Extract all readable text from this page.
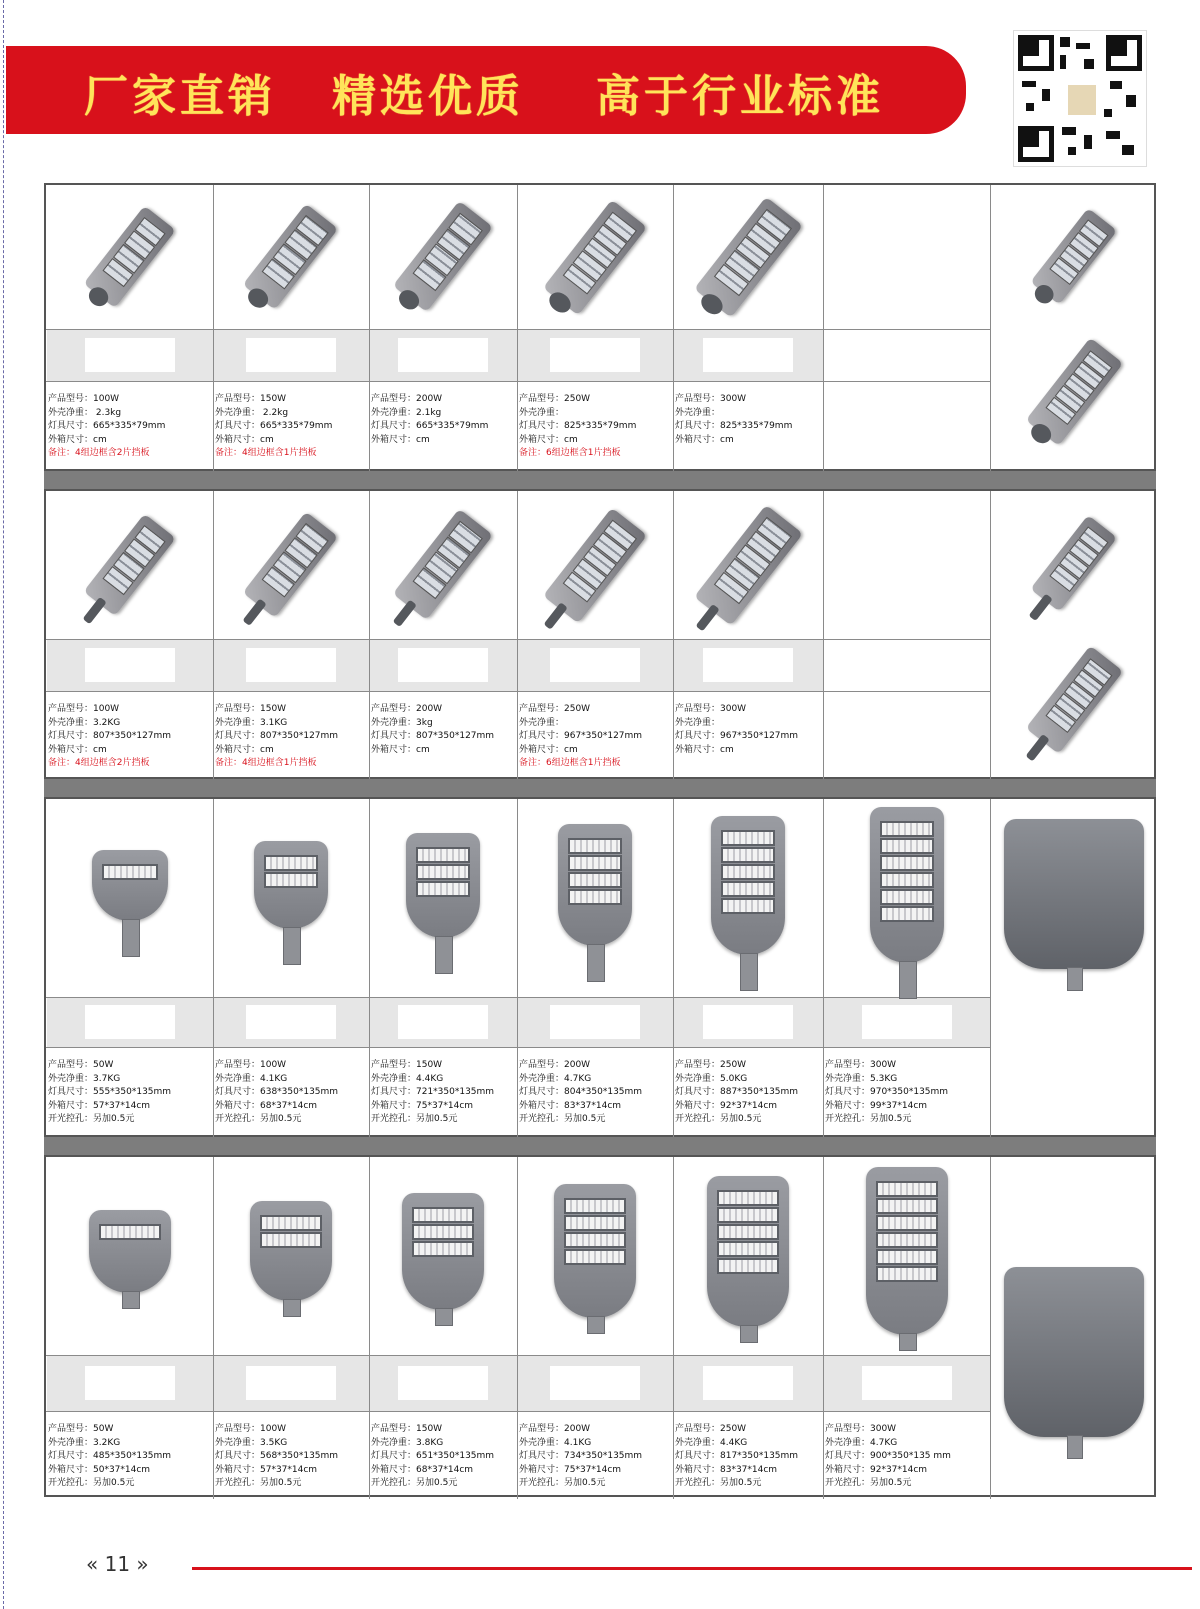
厂家直销 精选优质 高于行业标准
产品型号：100W
外壳净重： 2.3kg
灯具尺寸：665*335*79mm
外箱尺寸：cm
备注：4组边框含2片挡板
产品型号：150W
外壳净重： 2.2kg
灯具尺寸：665*335*79mm
外箱尺寸：cm
备注：4组边框含1片挡板
产品型号：200W
外壳净重：2.1kg
灯具尺寸：665*335*79mm
外箱尺寸：cm
产品型号：250W
外壳净重：
灯具尺寸：825*335*79mm
外箱尺寸：cm
备注：6组边框含1片挡板
产品型号：300W
外壳净重：
灯具尺寸：825*335*79mm
外箱尺寸：cm
产品型号：100W
外壳净重：3.2KG
灯具尺寸：807*350*127mm
外箱尺寸：cm
备注：4组边框含2片挡板
产品型号：150W
外壳净重：3.1KG
灯具尺寸：807*350*127mm
外箱尺寸：cm
备注：4组边框含1片挡板
产品型号：200W
外壳净重：3kg
灯具尺寸：807*350*127mm
外箱尺寸：cm
产品型号：250W
外壳净重：
灯具尺寸：967*350*127mm
外箱尺寸：cm
备注：6组边框含1片挡板
产品型号：300W
外壳净重：
灯具尺寸：967*350*127mm
外箱尺寸：cm
产品型号：50W
外壳净重：3.7KG
灯具尺寸：555*350*135mm
外箱尺寸：57*37*14cm
开光控孔：另加0.5元
产品型号：100W
外壳净重：4.1KG
灯具尺寸：638*350*135mm
外箱尺寸：68*37*14cm
开光控孔：另加0.5元
产品型号：150W
外壳净重：4.4KG
灯具尺寸：721*350*135mm
外箱尺寸：75*37*14cm
开光控孔：另加0.5元
产品型号：200W
外壳净重：4.7KG
灯具尺寸：804*350*135mm
外箱尺寸：83*37*14cm
开光控孔：另加0.5元
产品型号：250W
外壳净重：5.0KG
灯具尺寸：887*350*135mm
外箱尺寸：92*37*14cm
开光控孔：另加0.5元
产品型号：300W
外壳净重：5.3KG
灯具尺寸：970*350*135mm
外箱尺寸：99*37*14cm
开光控孔：另加0.5元
产品型号：50W
外壳净重：3.2KG
灯具尺寸：485*350*135mm
外箱尺寸：50*37*14cm
开光控孔：另加0.5元
产品型号：100W
外壳净重：3.5KG
灯具尺寸：568*350*135mm
外箱尺寸：57*37*14cm
开光控孔：另加0.5元
产品型号：150W
外壳净重：3.8KG
灯具尺寸：651*350*135mm
外箱尺寸：68*37*14cm
开光控孔：另加0.5元
产品型号：200W
外壳净重：4.1KG
灯具尺寸：734*350*135mm
外箱尺寸：75*37*14cm
开光控孔：另加0.5元
产品型号：250W
外壳净重：4.4KG
灯具尺寸：817*350*135mm
外箱尺寸：83*37*14cm
开光控孔：另加0.5元
产品型号：300W
外壳净重：4.7KG
灯具尺寸：900*350*135 mm
外箱尺寸：92*37*14cm
开光控孔：另加0.5元
« 11 »
